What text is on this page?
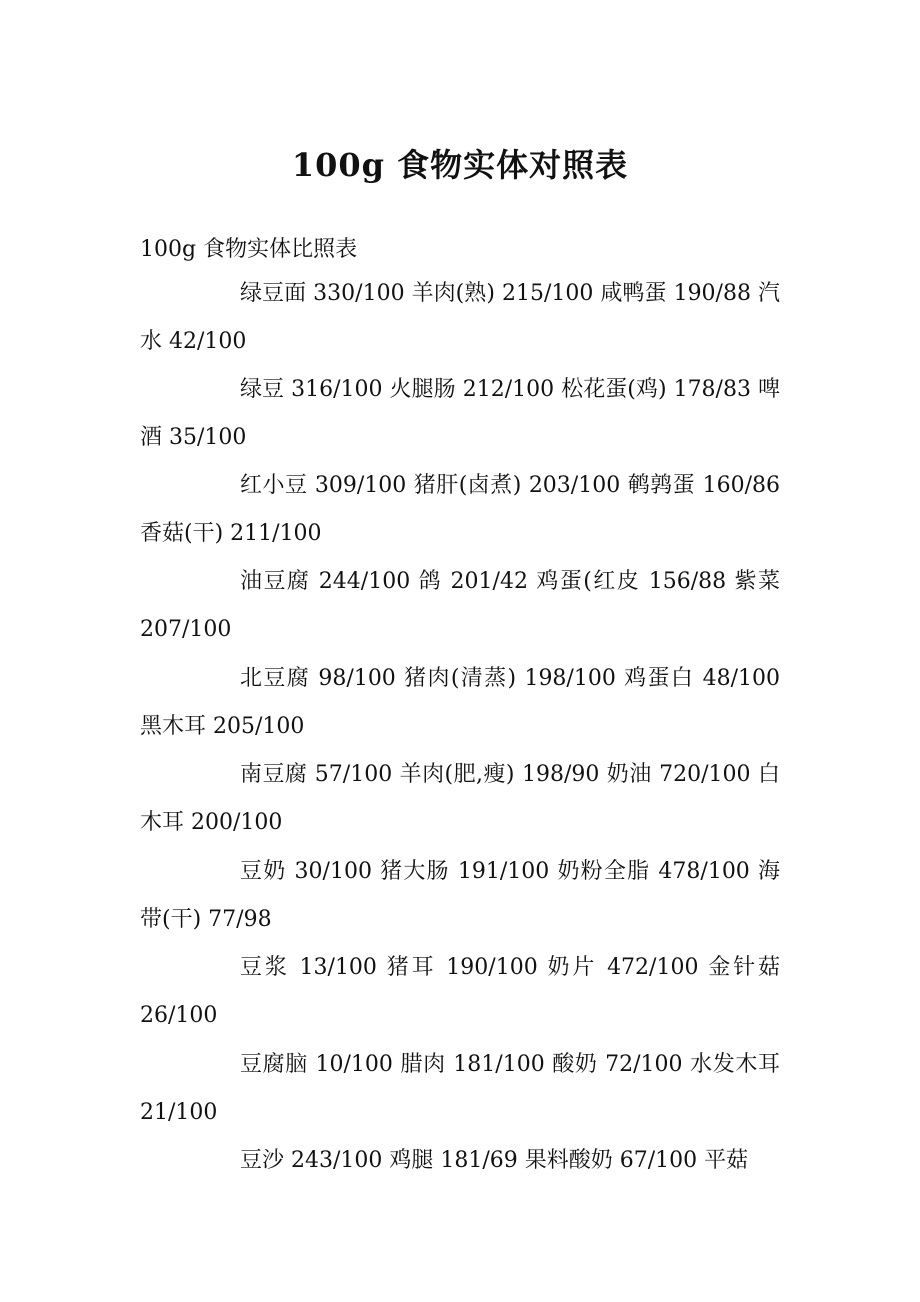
100g 食物实体对照表
100g 食物实体比照表

绿豆面 330/100 羊肉(熟) 215/100 咸鸭蛋 190/88 汽水 42/100

绿豆 316/100 火腿肠 212/100 松花蛋(鸡) 178/83 啤酒 35/100

红小豆 309/100 猪肝(卤煮) 203/100 鹌鹑蛋 160/86 香菇(干) 211/100

油豆腐 244/100 鸽 201/42 鸡蛋(红皮 156/88 紫菜 207/100

北豆腐 98/100 猪肉(清蒸) 198/100 鸡蛋白 48/100 黑木耳 205/100

南豆腐 57/100 羊肉(肥,瘦) 198/90 奶油 720/100 白木耳 200/100

豆奶 30/100 猪大肠 191/100 奶粉全脂 478/100 海带(干) 77/98

豆浆 13/100 猪耳 190/100 奶片 472/100 金针菇 26/100

豆腐脑 10/100 腊肉 181/100 酸奶 72/100 水发木耳 21/100

豆沙 243/100 鸡腿 181/69 果料酸奶 67/100 平菇
